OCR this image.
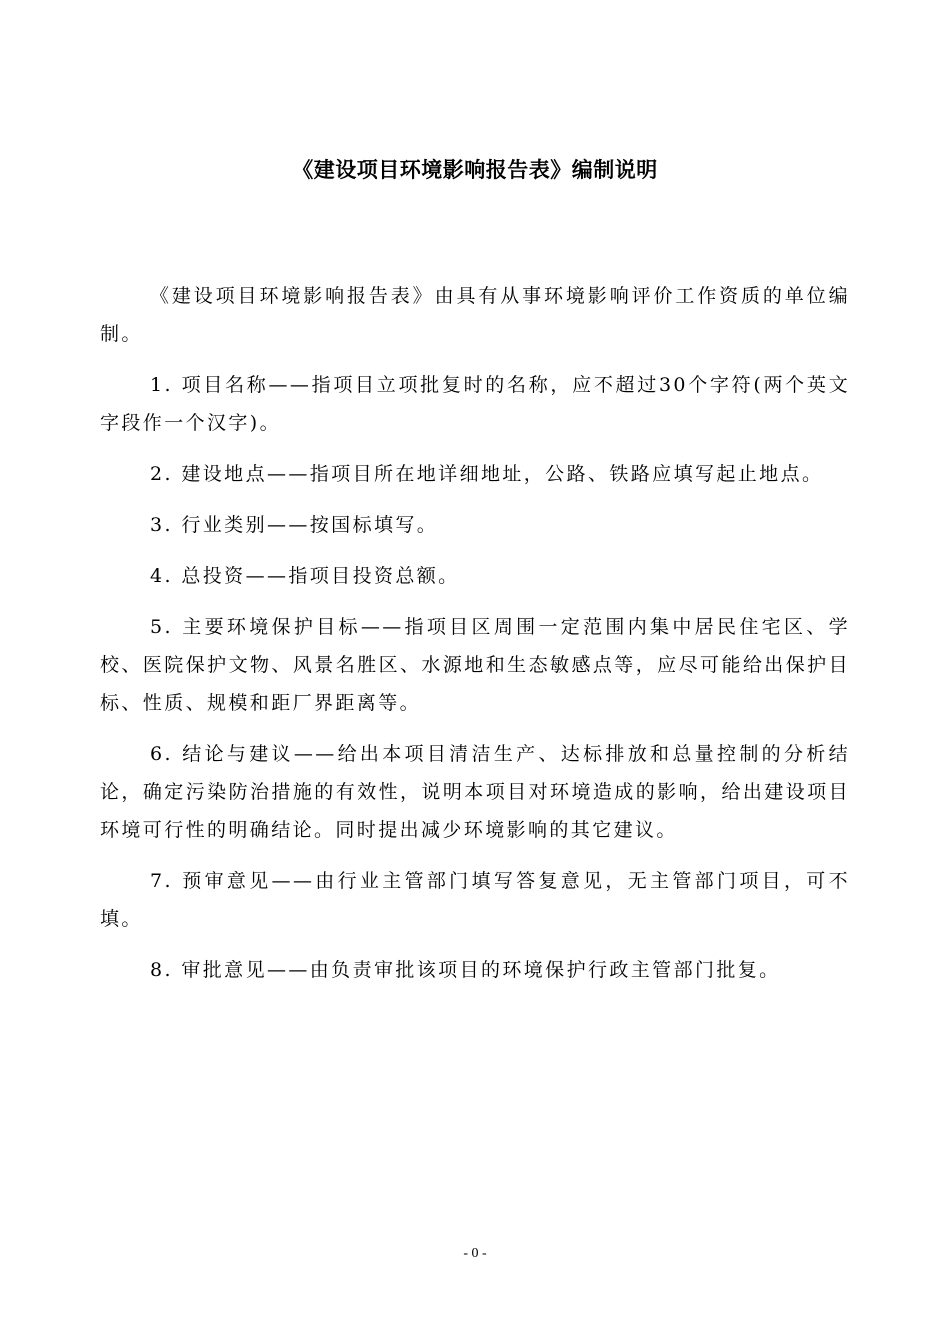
《建设项目环境影响报告表》编制说明

《建设项目环境影响报告表》由具有从事环境影响评价工作资质的单位编制。

1. 项目名称——指项目立项批复时的名称，应不超过30个字符(两个英文字段作一个汉字)。

2. 建设地点——指项目所在地详细地址，公路、铁路应填写起止地点。

3. 行业类别——按国标填写。

4. 总投资——指项目投资总额。

5. 主要环境保护目标——指项目区周围一定范围内集中居民住宅区、学校、医院保护文物、风景名胜区、水源地和生态敏感点等，应尽可能给出保护目标、性质、规模和距厂界距离等。

6. 结论与建议——给出本项目清洁生产、达标排放和总量控制的分析结论，确定污染防治措施的有效性，说明本项目对环境造成的影响，给出建设项目环境可行性的明确结论。同时提出减少环境影响的其它建议。

7. 预审意见——由行业主管部门填写答复意见，无主管部门项目，可不填。

8. 审批意见——由负责审批该项目的环境保护行政主管部门批复。

- 0 -
